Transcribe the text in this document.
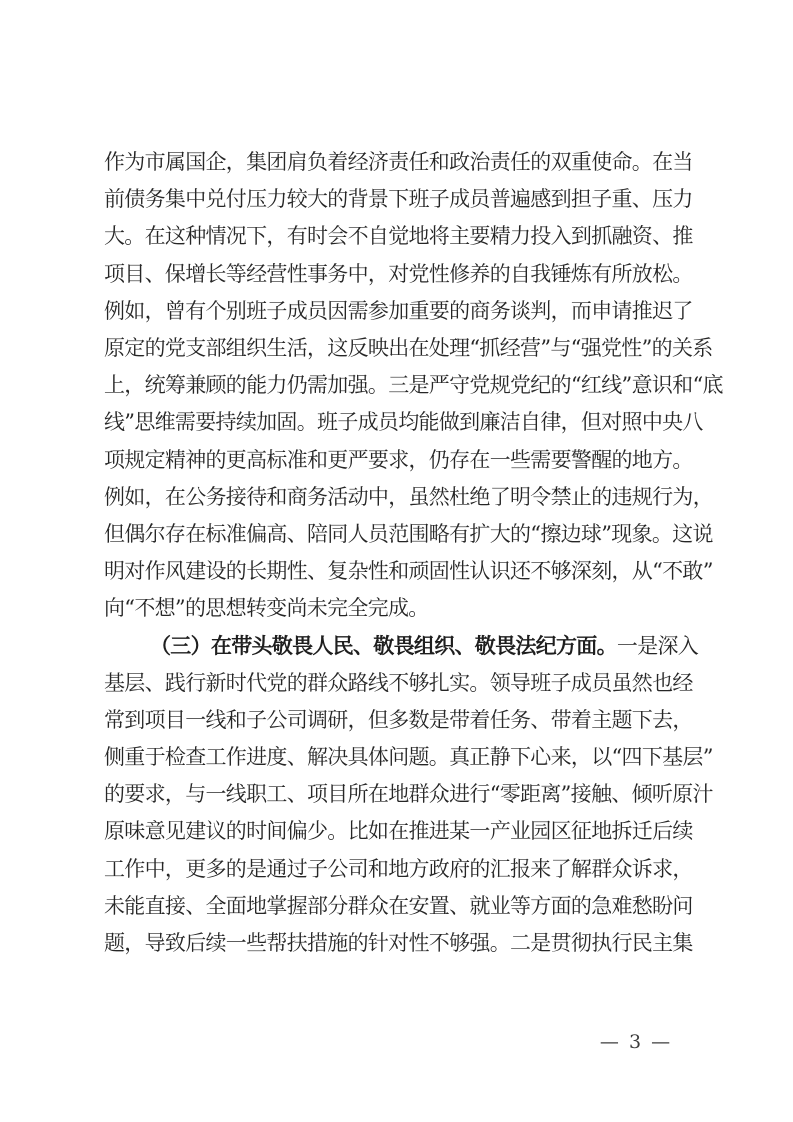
作为市属国企，集团肩负着经济责任和政治责任的双重使命。在当

前债务集中兑付压力较大的背景下班子成员普遍感到担子重、压力

大。在这种情况下，有时会不自觉地将主要精力投入到抓融资、推

项目、保增长等经营性事务中，对党性修养的自我锤炼有所放松。

例如，曾有个别班子成员因需参加重要的商务谈判，而申请推迟了

原定的党支部组织生活，这反映出在处理“抓经营”与“强党性”的关系

上，统筹兼顾的能力仍需加强。三是严守党规党纪的“红线”意识和“底

线”思维需要持续加固。班子成员均能做到廉洁自律，但对照中央八

项规定精神的更高标准和更严要求，仍存在一些需要警醒的地方。

例如，在公务接待和商务活动中，虽然杜绝了明令禁止的违规行为，

但偶尔存在标准偏高、陪同人员范围略有扩大的“擦边球”现象。这说

明对作风建设的长期性、复杂性和顽固性认识还不够深刻，从“不敢”

向“不想”的思想转变尚未完全完成。

（三）在带头敬畏人民、敬畏组织、敬畏法纪方面。一是深入

基层、践行新时代党的群众路线不够扎实。领导班子成员虽然也经

常到项目一线和子公司调研，但多数是带着任务、带着主题下去，

侧重于检查工作进度、解决具体问题。真正静下心来，以“四下基层”

的要求，与一线职工、项目所在地群众进行“零距离”接触、倾听原汁

原味意见建议的时间偏少。比如在推进某一产业园区征地拆迁后续

工作中，更多的是通过子公司和地方政府的汇报来了解群众诉求，

未能直接、全面地掌握部分群众在安置、就业等方面的急难愁盼问

题，导致后续一些帮扶措施的针对性不够强。二是贯彻执行民主集

— 3 —
